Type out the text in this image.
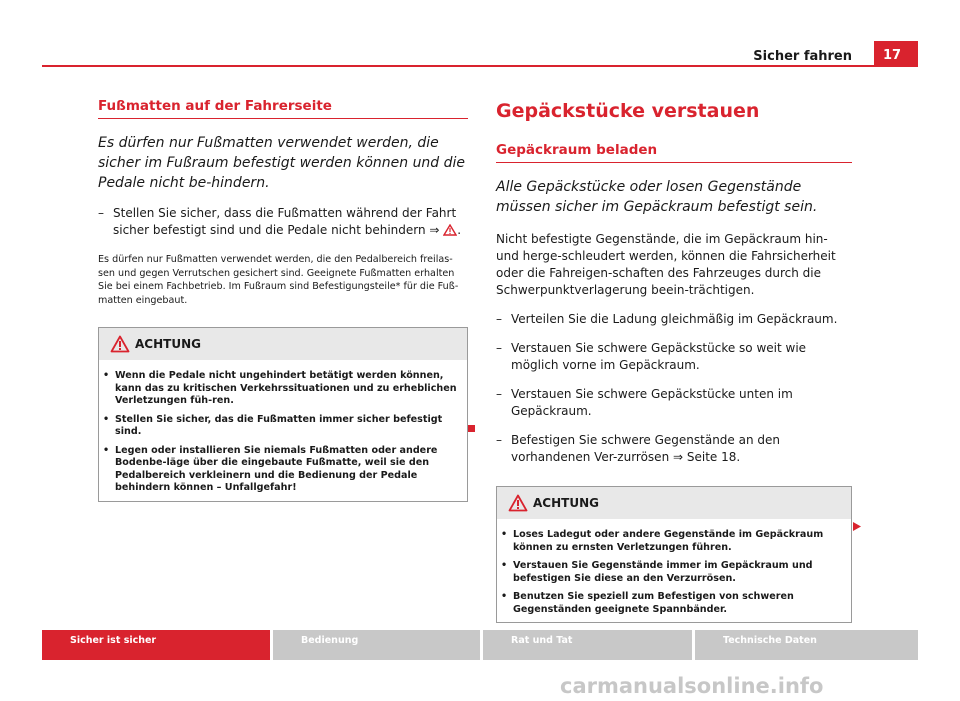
Sicher fahren	17
Fußmatten auf der Fahrerseite
Es dürfen nur Fußmatten verwendet werden, die sicher im Fußraum befestigt werden können und die Pedale nicht be-hindern.
– Stellen Sie sicher, dass die Fußmatten während der Fahrt sicher befestigt sind und die Pedale nicht behindern ⇒ .
Es dürfen nur Fußmatten verwendet werden, die den Pedalbereich freilas-sen und gegen Verrutschen gesichert sind. Geeignete Fußmatten erhalten Sie bei einem Fachbetrieb. Im Fußraum sind Befestigungsteile* für die Fuß-matten eingebaut.
ACHTUNG
• Wenn die Pedale nicht ungehindert betätigt werden können, kann das zu kritischen Verkehrssituationen und zu erheblichen Verletzungen füh-ren.
• Stellen Sie sicher, das die Fußmatten immer sicher befestigt sind.
• Legen oder installieren Sie niemals Fußmatten oder andere Bodenbe-läge über die eingebaute Fußmatte, weil sie den Pedalbereich verkleinern und die Bedienung der Pedale behindern können – Unfallgefahr!
Gepäckstücke verstauen
Gepäckraum beladen
Alle Gepäckstücke oder losen Gegenstände müssen sicher im Gepäckraum befestigt sein.
Nicht befestigte Gegenstände, die im Gepäckraum hin- und herge-schleudert werden, können die Fahrsicherheit oder die Fahreigen-schaften des Fahrzeuges durch die Schwerpunktverlagerung beein-trächtigen.
– Verteilen Sie die Ladung gleichmäßig im Gepäckraum.
– Verstauen Sie schwere Gepäckstücke so weit wie möglich vorne im Gepäckraum.
– Verstauen Sie schwere Gepäckstücke unten im Gepäckraum.
– Befestigen Sie schwere Gegenstände an den vorhandenen Ver-zurrösen ⇒ Seite 18.
ACHTUNG
• Loses Ladegut oder andere Gegenstände im Gepäckraum können zu ernsten Verletzungen führen.
• Verstauen Sie Gegenstände immer im Gepäckraum und befestigen Sie diese an den Verzurrösen.
• Benutzen Sie speziell zum Befestigen von schweren Gegenständen geeignete Spannbänder.
Sicher ist sicher	Bedienung	Rat und Tat	Technische Daten
carmanualsonline.info
